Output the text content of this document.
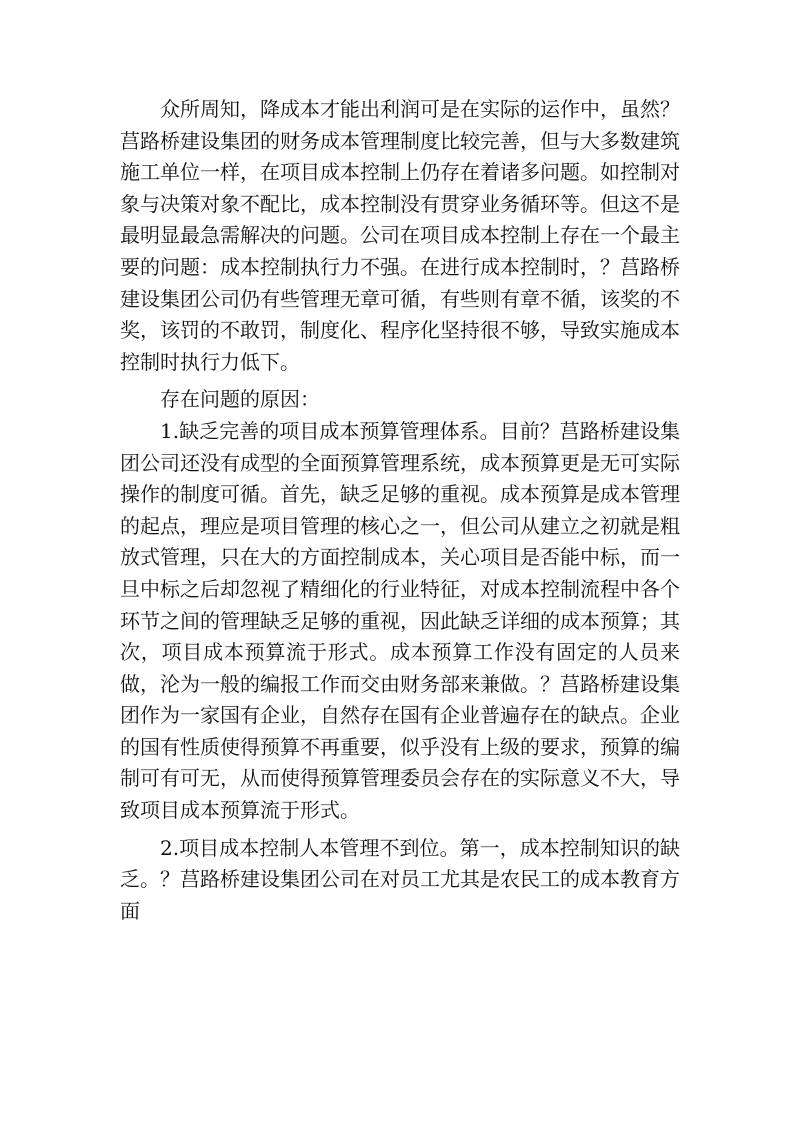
众所周知，降成本才能出利润可是在实际的运作中，虽然？莒路桥建设集团的财务成本管理制度比较完善，但与大多数建筑施工单位一样，在项目成本控制上仍存在着诸多问题。如控制对象与决策对象不配比，成本控制没有贯穿业务循环等。但这不是最明显最急需解决的问题。公司在项目成本控制上存在一个最主要的问题：成本控制执行力不强。在进行成本控制时，？莒路桥建设集团公司仍有些管理无章可循，有些则有章不循，该奖的不奖，该罚的不敢罚，制度化、程序化坚持很不够，导致实施成本控制时执行力低下。

存在问题的原因：

1.缺乏完善的项目成本预算管理体系。目前？莒路桥建设集团公司还没有成型的全面预算管理系统，成本预算更是无可实际操作的制度可循。首先，缺乏足够的重视。成本预算是成本管理的起点，理应是项目管理的核心之一，但公司从建立之初就是粗放式管理，只在大的方面控制成本，关心项目是否能中标，而一旦中标之后却忽视了精细化的行业特征，对成本控制流程中各个环节之间的管理缺乏足够的重视，因此缺乏详细的成本预算；其次，项目成本预算流于形式。成本预算工作没有固定的人员来做，沦为一般的编报工作而交由财务部来兼做。？莒路桥建设集团作为一家国有企业，自然存在国有企业普遍存在的缺点。企业的国有性质使得预算不再重要，似乎没有上级的要求，预算的编制可有可无，从而使得预算管理委员会存在的实际意义不大，导致项目成本预算流于形式。

2.项目成本控制人本管理不到位。第一，成本控制知识的缺乏。？莒路桥建设集团公司在对员工尤其是农民工的成本教育方面
